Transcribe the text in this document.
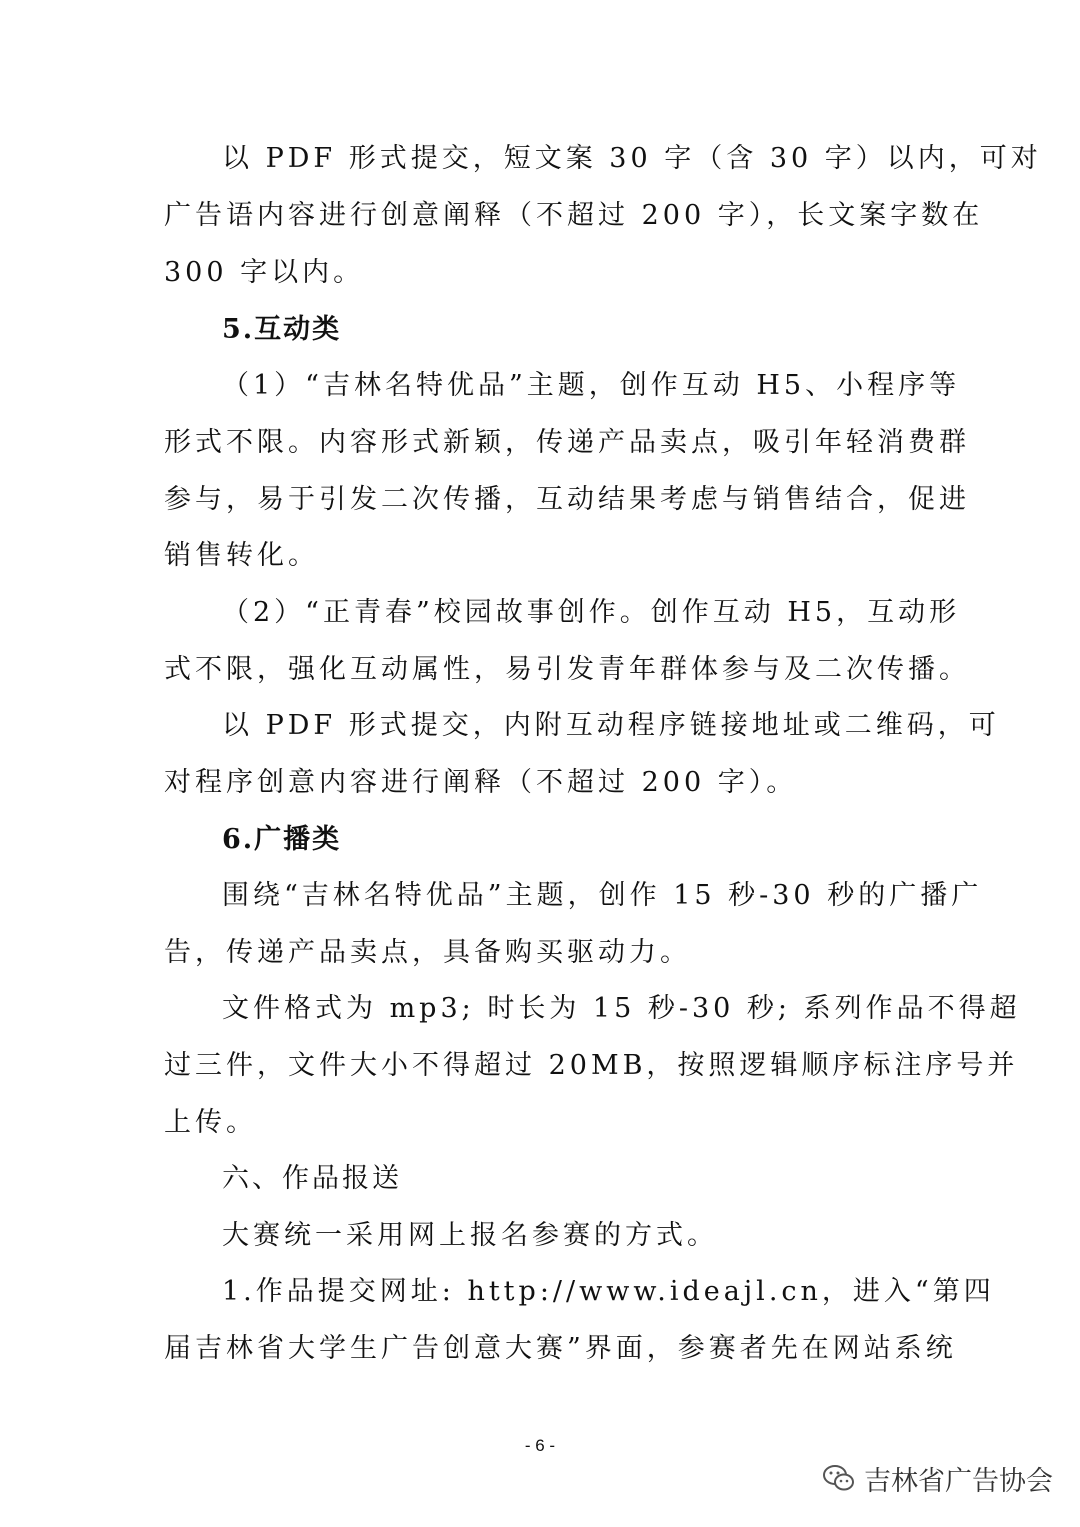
以 PDF 形式提交，短文案 30 字（含 30 字）以内，可对
广告语内容进行创意阐释（不超过 200 字），长文案字数在
300 字以内。
5.互动类
（1）“吉林名特优品”主题，创作互动 H5、小程序等
形式不限。内容形式新颖，传递产品卖点，吸引年轻消费群
参与，易于引发二次传播，互动结果考虑与销售结合，促进
销售转化。
（2）“正青春”校园故事创作。创作互动 H5，互动形
式不限，强化互动属性，易引发青年群体参与及二次传播。
以 PDF 形式提交，内附互动程序链接地址或二维码，可
对程序创意内容进行阐释（不超过 200 字）。
6.广播类
围绕“吉林名特优品”主题，创作 15 秒-30 秒的广播广
告，传递产品卖点，具备购买驱动力。
文件格式为 mp3; 时长为 15 秒-30 秒; 系列作品不得超
过三件，文件大小不得超过 20MB，按照逻辑顺序标注序号并
上传。
六、作品报送
大赛统一采用网上报名参赛的方式。
1.作品提交网址: http://www.ideajl.cn，进入“第四
届吉林省大学生广告创意大赛”界面，参赛者先在网站系统
- 6 -
吉林省广告协会
